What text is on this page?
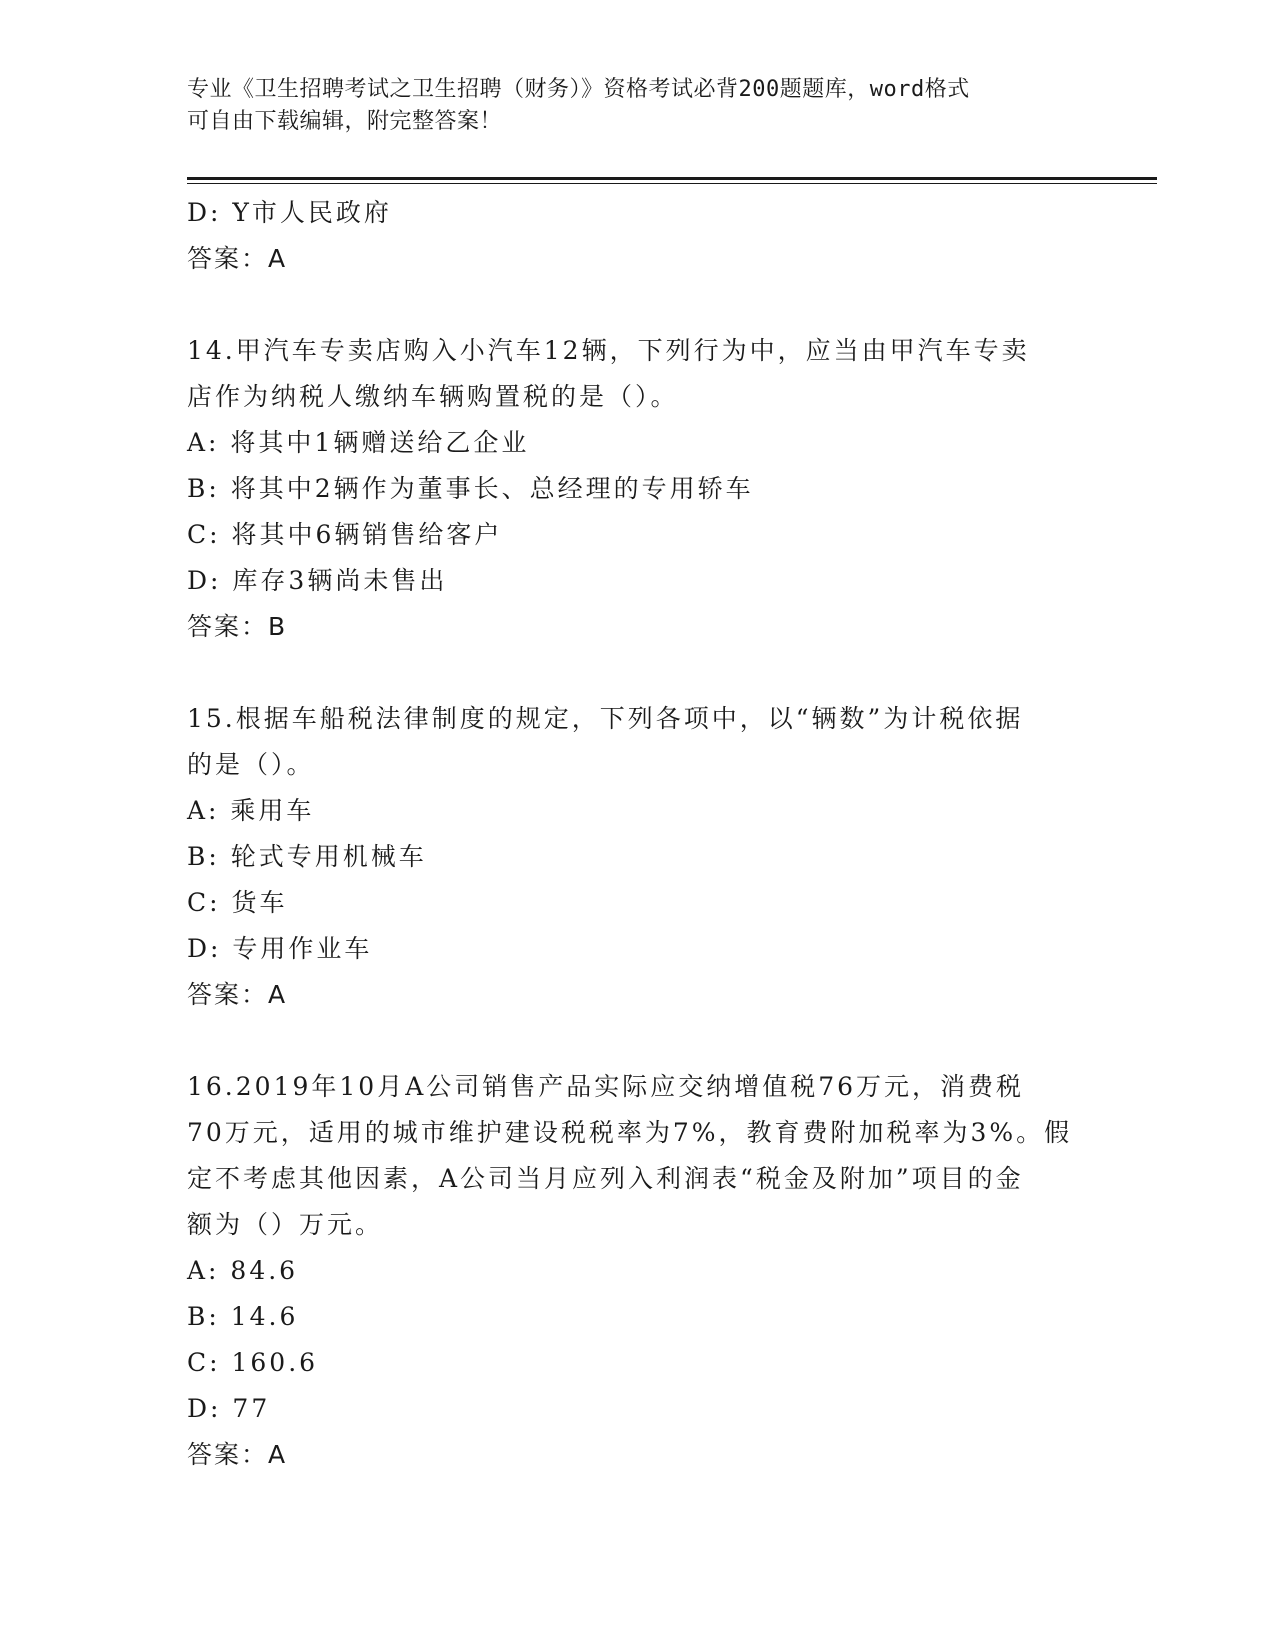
专业《卫生招聘考试之卫生招聘（财务）》资格考试必背200题题库，word格式
可自由下载编辑，附完整答案！
D: Y市人民政府
答案：A
14.甲汽车专卖店购入小汽车12辆，下列行为中，应当由甲汽车专卖
店作为纳税人缴纳车辆购置税的是（）。
A: 将其中1辆赠送给乙企业
B: 将其中2辆作为董事长、总经理的专用轿车
C: 将其中6辆销售给客户
D: 库存3辆尚未售出
答案：B
15.根据车船税法律制度的规定，下列各项中，以“辆数”为计税依据
的是（）。
A: 乘用车
B: 轮式专用机械车
C: 货车
D: 专用作业车
答案：A
16.2019年10月A公司销售产品实际应交纳增值税76万元，消费税
70万元，适用的城市维护建设税税率为7%，教育费附加税率为3%。假
定不考虑其他因素，A公司当月应列入利润表“税金及附加”项目的金
额为（）万元。
A: 84.6
B: 14.6
C: 160.6
D: 77
答案：A
